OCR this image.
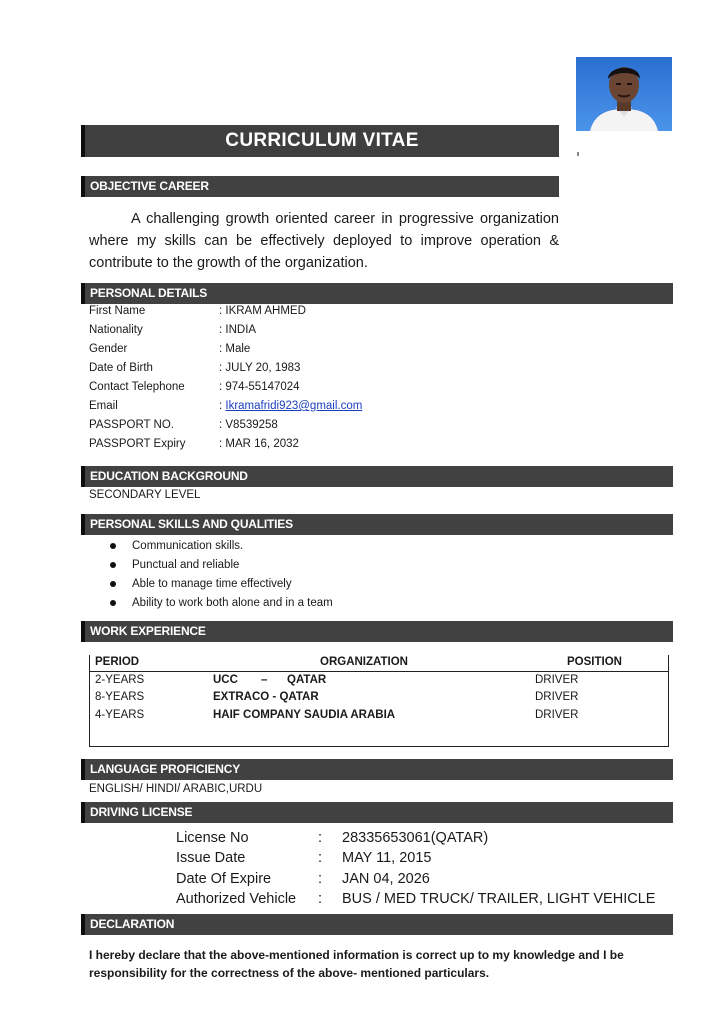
CURRICULUM VITAE
OBJECTIVE CAREER
A challenging growth oriented career in progressive organization where my skills can be effectively deployed to improve operation & contribute to the growth of the organization.
PERSONAL DETAILS
First Name	: IKRAM AHMED
Nationality	: INDIA
Gender	: Male
Date of Birth	: JULY 20, 1983
Contact Telephone	: 974-55147024
Email	: Ikramafridi923@gmail.com
PASSPORT NO.	: V8539258
PASSPORT Expiry	: MAR 16, 2032
EDUCATION BACKGROUND
SECONDARY LEVEL
PERSONAL SKILLS AND QUALITIES
Communication skills.
Punctual and reliable
Able to manage time effectively
Ability to work both alone and in a team
WORK EXPERIENCE
PERIOD	ORGANIZATION	POSITION
2-YEARS	UCC – QATAR	DRIVER
8-YEARS	EXTRACO - QATAR	DRIVER
4-YEARS	HAIF COMPANY SAUDIA ARABIA	DRIVER
LANGUAGE PROFICIENCY
ENGLISH/ HINDI/ ARABIC,URDU
DRIVING LICENSE
License No	:	28335653061(QATAR)
Issue Date	:	MAY 11, 2015
Date Of Expire	:	JAN 04, 2026
Authorized Vehicle	:	BUS / MED TRUCK/ TRAILER, LIGHT VEHICLE
DECLARATION
I hereby declare that the above-mentioned information is correct up to my knowledge and I be responsibility for the correctness of the above- mentioned particulars.
